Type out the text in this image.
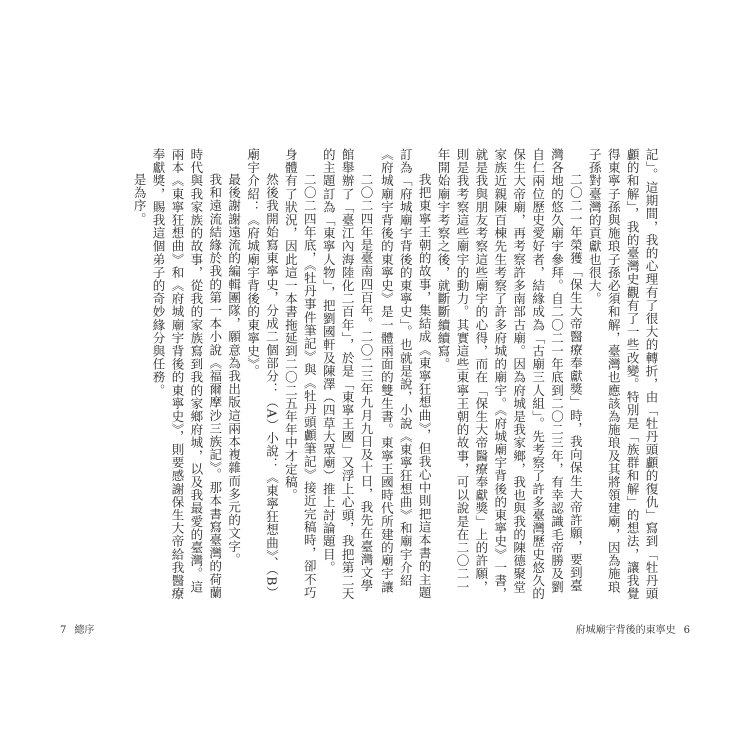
二〇二四年是臺南四百年。二〇二三年九月九日及十日，我先在臺灣文學館舉辦了「臺江內海陸化二百年」，於是「東寧王國」又浮上心頭，我把第二天的主題訂為「東寧人物」，把劉國軒及陳澤（四草大眾廟）推上討論題目。

二〇二四年底，《牡丹事件筆記》與《牡丹頭顱筆記》接近完稿時，卻不巧身體有了狀況，因此這一本書拖延到二〇二五年年中才定稿。

然後我開始寫東寧史，分成二個部分：（A）小說：《東寧狂想曲》、（B）廟宇介紹：《府城廟宇背後的東寧史》。

最後謝謝遠流的編輯團隊，願意為我出版這兩本複雜而多元的文字。

我和遠流結緣於我的第一本小說《福爾摩沙三族記》。那本書寫臺灣的荷蘭時代與我家族的故事，從我的家族寫到我的家鄉府城，以及我最愛的臺灣。這兩本《東寧狂想曲》和《府城廟宇背後的東寧史》，則要感謝保生大帝給我醫療奉獻獎，賜我這個弟子的奇妙緣分與任務。

是為序。	記」。這期間，我的心理有了很大的轉折，由「牡丹頭顱的復仇」寫到「牡丹頭顱的和解」，我的臺灣史觀有了一些改變。特別是「族群和解」的想法，讓我覺得東寧子孫與施琅子孫必須和解，臺灣也應該為施琅及其將領建廟，因為施琅子孫對臺灣的貢獻也很大。

二〇二一年榮獲「保生大帝醫療奉獻獎」時，我向保生大帝許願，要到臺灣各地的悠久廟宇參拜。自二〇二一年底到二〇二三年，有幸認識毛帝勝及劉自仁兩位歷史愛好者，結緣成為「古廟三人組」。先考察了許多臺灣歷史悠久的保生大帝廟，再考察許多南部古廟。因為府城是我家鄉，我也與我的陳德聚堂家族近親陳百棟先生考察了許多府城的廟宇。《府城廟宇背後的東寧史》一書，就是我與朋友考察這些廟宇的心得，而在「保生大帝醫療奉獻獎」上的許願，則是我考察這些廟宇的動力。其實這些東寧王朝的故事，可以說是在二〇二一年開始廟宇考察之後，就斷斷續續寫。

我把東寧王朝的故事，集結成《東寧狂想曲》，但我心中則把這本書的主題訂為「府城廟宇背後的東寧史」。也就是說，小說《東寧狂想曲》和廟宇介紹《府城廟宇背後的東寧史》是一體兩面的雙生書。東寧王國時代所建的廟宇讓

7 總序	府城廟宇背後的東寧史 6
